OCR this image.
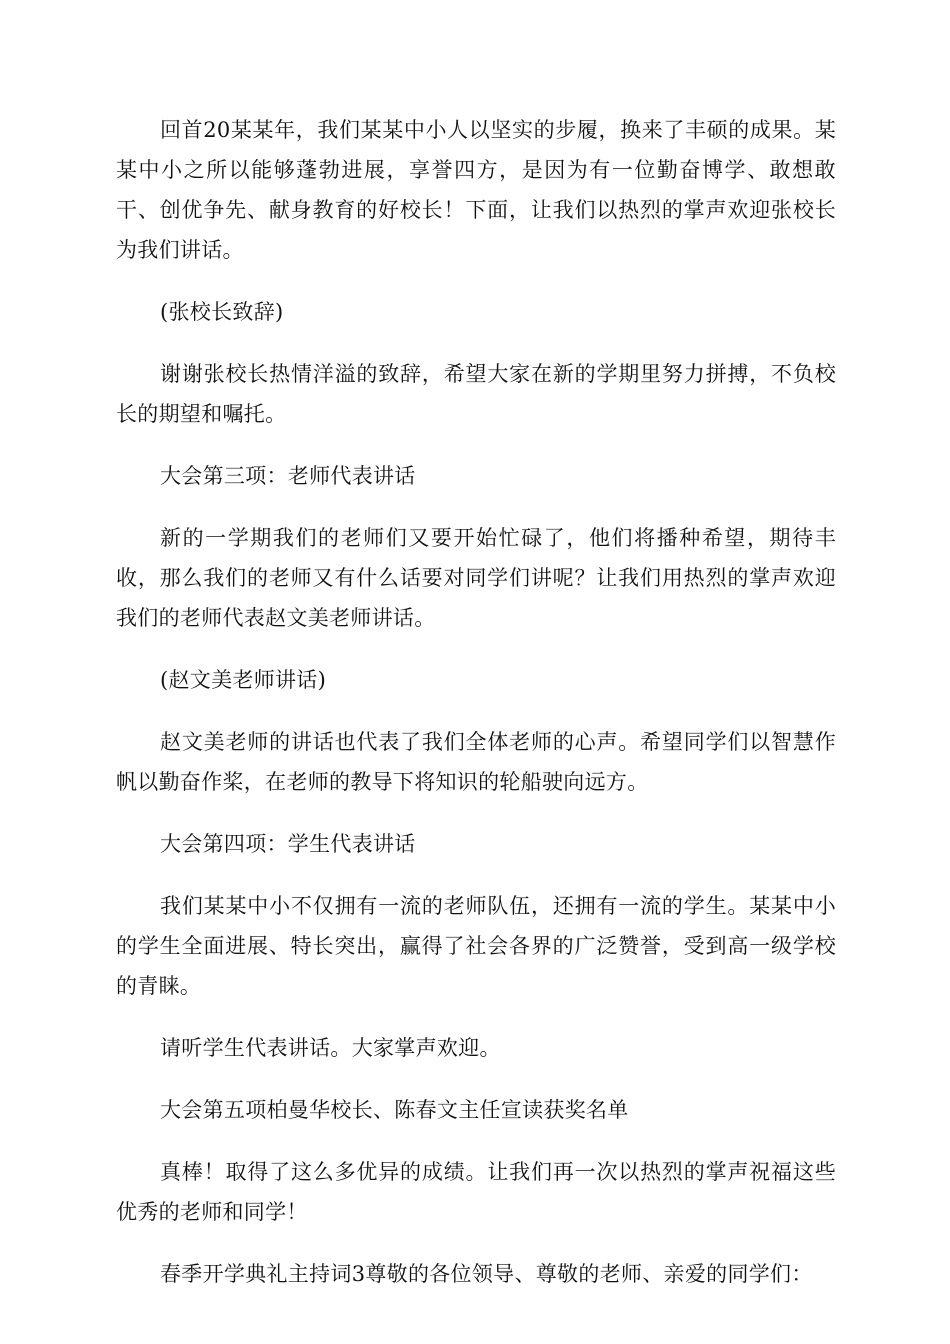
回首20某某年，我们某某中小人以坚实的步履，换来了丰硕的成果。某某中小之所以能够蓬勃进展，享誉四方，是因为有一位勤奋博学、敢想敢干、创优争先、献身教育的好校长！下面，让我们以热烈的掌声欢迎张校长为我们讲话。

(张校长致辞)

谢谢张校长热情洋溢的致辞，希望大家在新的学期里努力拼搏，不负校长的期望和嘱托。

大会第三项：老师代表讲话

新的一学期我们的老师们又要开始忙碌了，他们将播种希望，期待丰收，那么我们的老师又有什么话要对同学们讲呢？让我们用热烈的掌声欢迎我们的老师代表赵文美老师讲话。

(赵文美老师讲话)

赵文美老师的讲话也代表了我们全体老师的心声。希望同学们以智慧作帆以勤奋作桨，在老师的教导下将知识的轮船驶向远方。

大会第四项：学生代表讲话

我们某某中小不仅拥有一流的老师队伍，还拥有一流的学生。某某中小的学生全面进展、特长突出，赢得了社会各界的广泛赞誉，受到高一级学校的青睐。

请听学生代表讲话。大家掌声欢迎。

大会第五项柏曼华校长、陈春文主任宣读获奖名单

真棒！取得了这么多优异的成绩。让我们再一次以热烈的掌声祝福这些优秀的老师和同学！

春季开学典礼主持词3尊敬的各位领导、尊敬的老师、亲爱的同学们：
